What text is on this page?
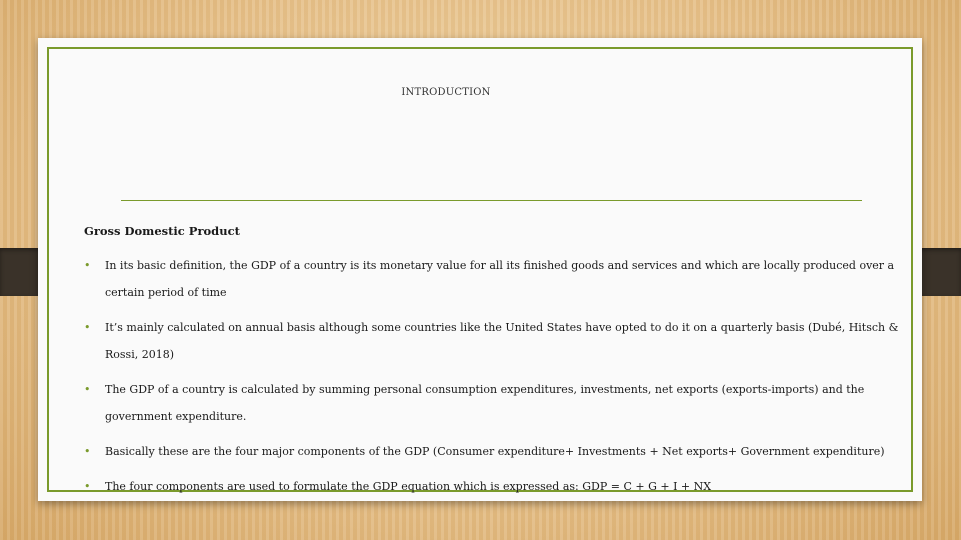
INTRODUCTION
Gross Domestic Product
• In its basic definition, the GDP of a country is its monetary value for all its finished goods and services and which are locally produced over a certain period of time
• It’s mainly calculated on annual basis although some countries like the United States have opted to do it on a quarterly basis (Dubé, Hitsch & Rossi, 2018)
• The GDP of a country is calculated by summing personal consumption expenditures, investments, net exports (exports-imports) and the government expenditure.
• Basically these are the four major components of the GDP (Consumer expenditure+ Investments + Net exports+ Government expenditure)
• The four components are used to formulate the GDP equation which is expressed as: GDP = C + G + I + NX
